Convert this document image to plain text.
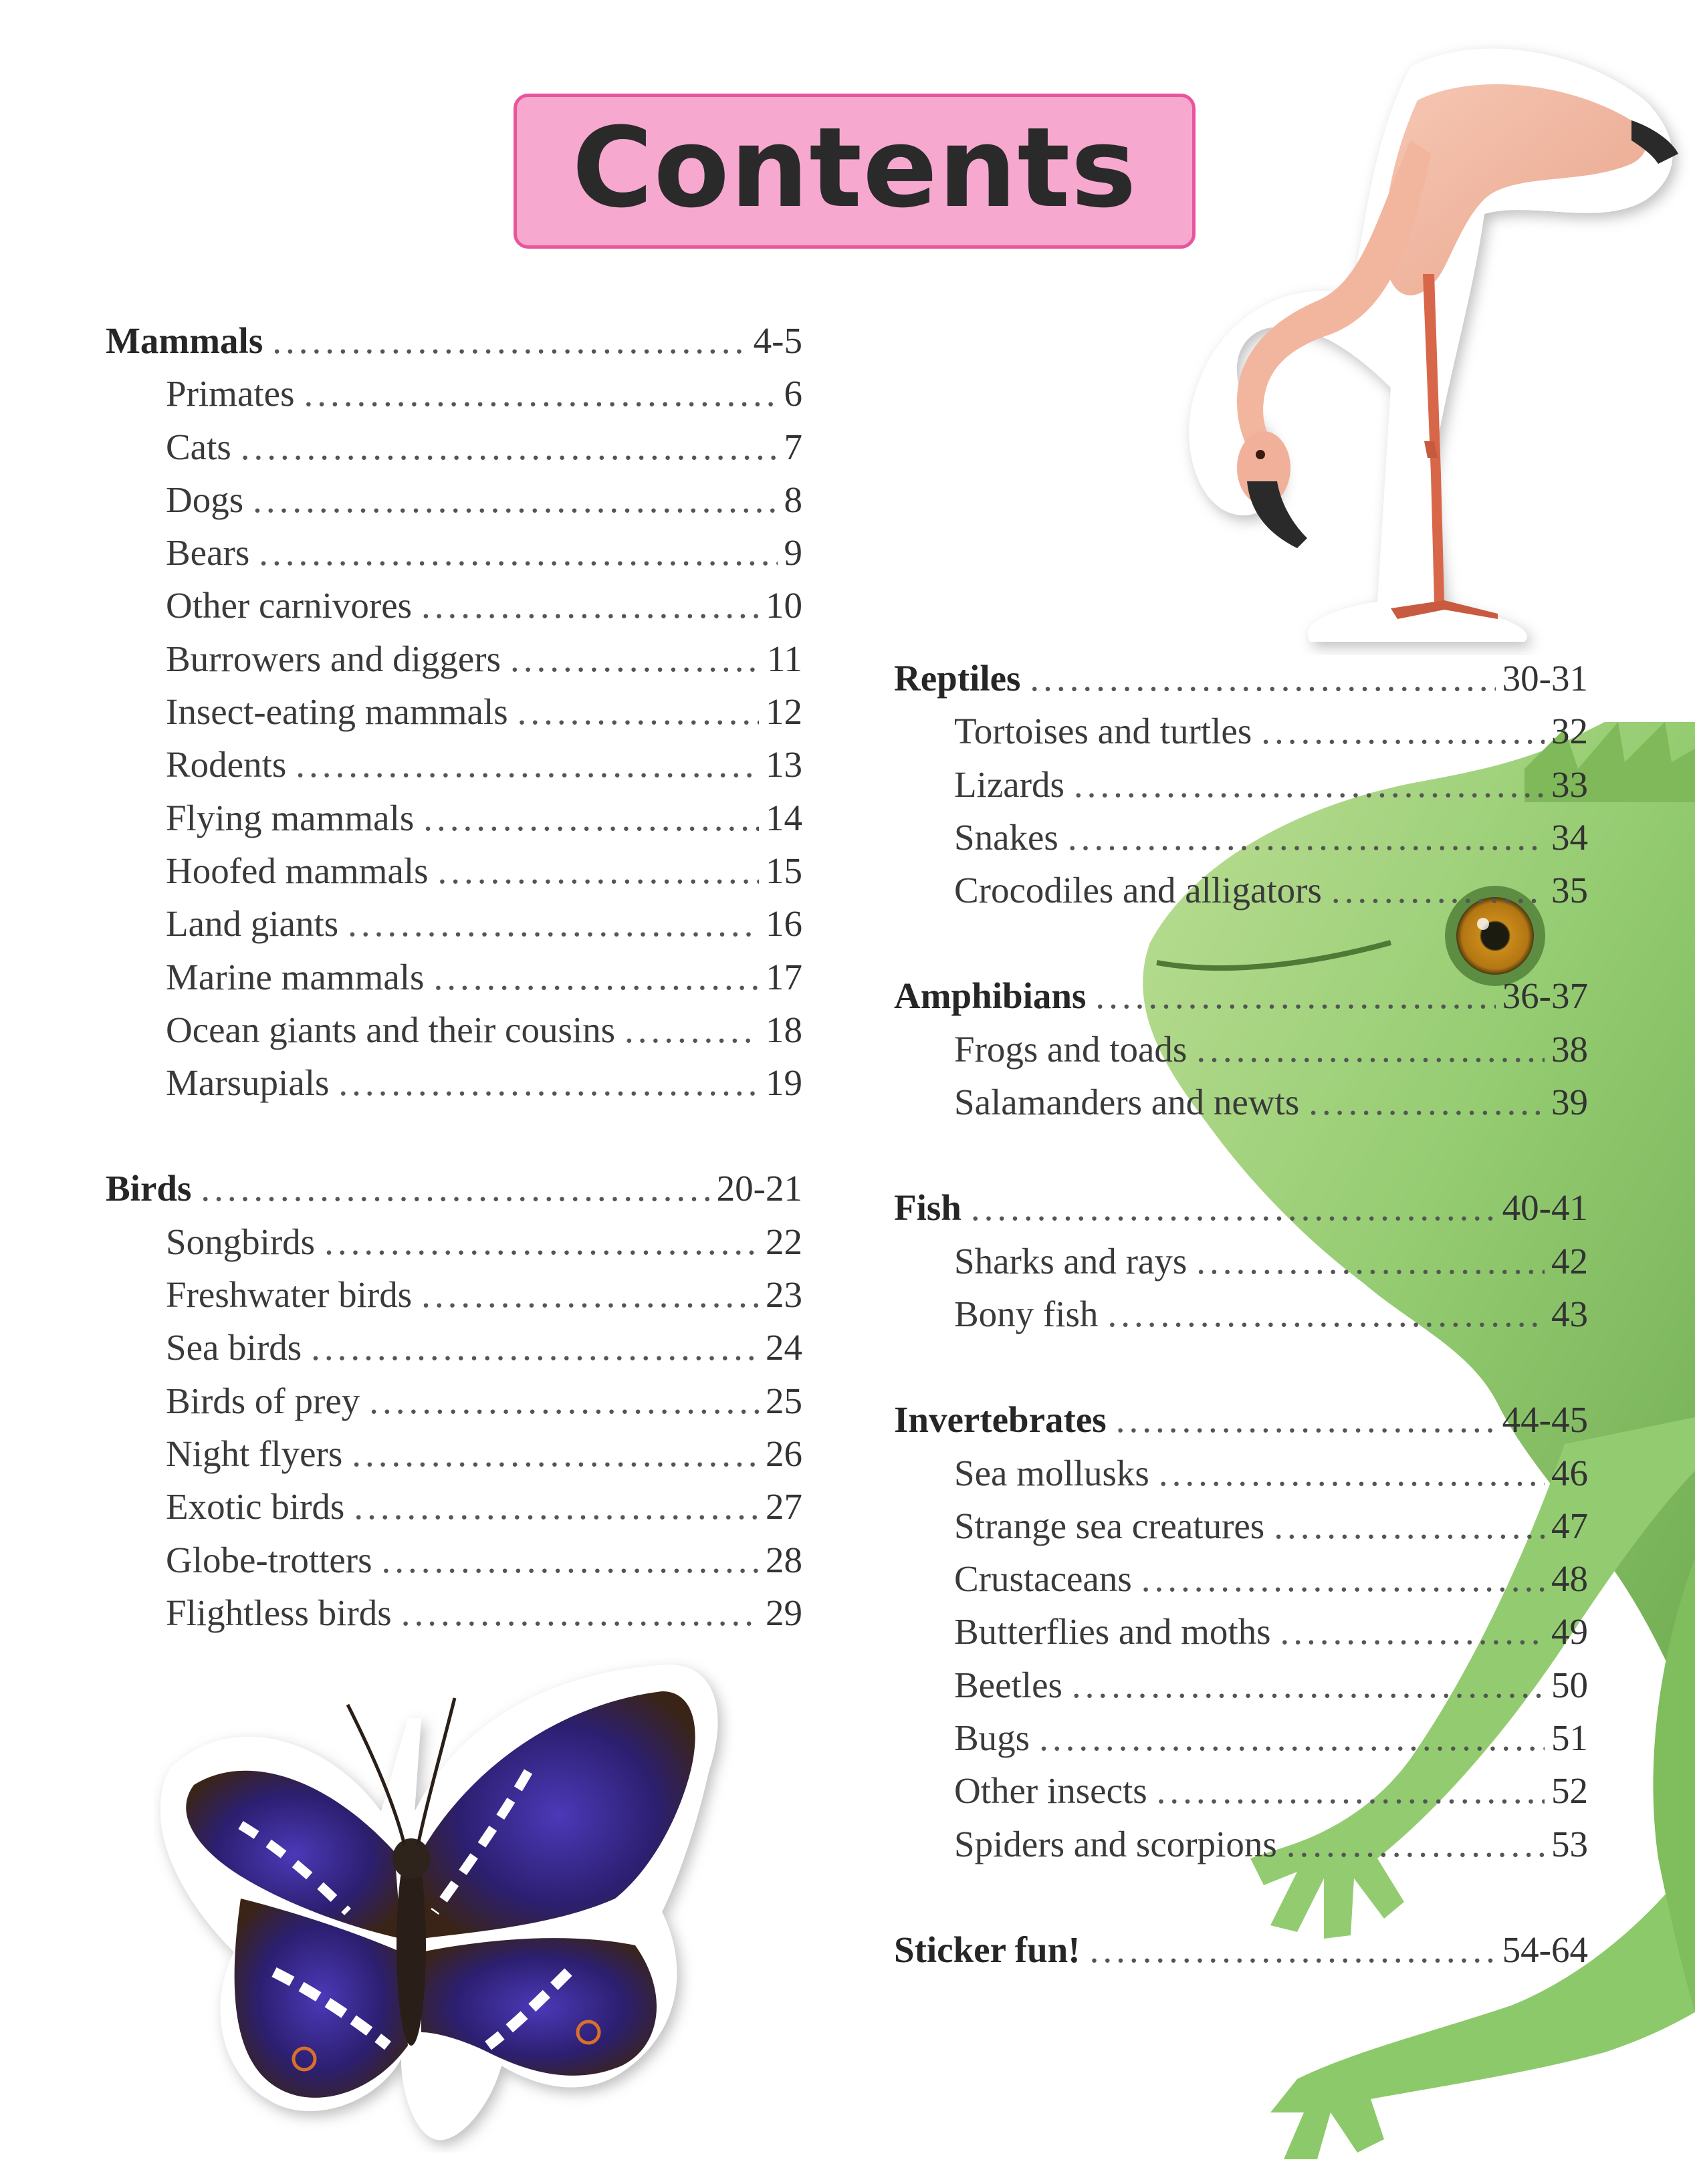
Contents
Mammals .....	4-5
Primates .....	6
Cats .....	7
Dogs .....	8
Bears .....	9
Other carnivores .....	10
Burrowers and diggers .....	11
Insect-eating mammals .....	12
Rodents .....	13
Flying mammals .....	14
Hoofed mammals .....	15
Land giants .....	16
Marine mammals .....	17
Ocean giants and their cousins .....	18
Marsupials .....	19
Birds .....	20-21
Songbirds .....	22
Freshwater birds .....	23
Sea birds .....	24
Birds of prey .....	25
Night flyers .....	26
Exotic birds .....	27
Globe-trotters .....	28
Flightless birds .....	29
Reptiles .....	30-31
Tortoises and turtles .....	32
Lizards .....	33
Snakes .....	34
Crocodiles and alligators .....	35
Amphibians .....	36-37
Frogs and toads .....	38
Salamanders and newts .....	39
Fish .....	40-41
Sharks and rays .....	42
Bony fish .....	43
Invertebrates .....	44-45
Sea mollusks .....	46
Strange sea creatures .....	47
Crustaceans .....	48
Butterflies and moths .....	49
Beetles .....	50
Bugs .....	51
Other insects .....	52
Spiders and scorpions .....	53
Sticker fun! .....	54-64
